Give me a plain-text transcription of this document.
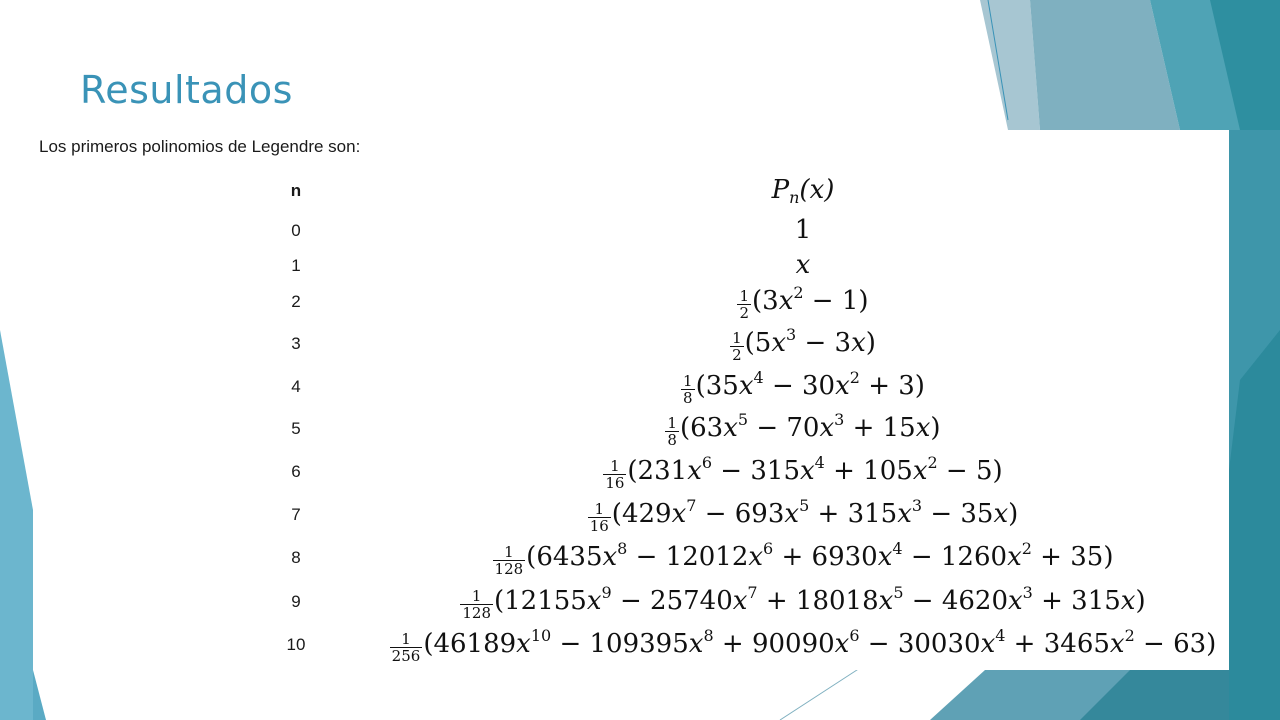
Resultados
Los primeros polinomios de Legendre son:
n	$P_n(x)$
0	1
1	x
2	$\frac{1}{2} (3x^2 - 1)$
3	$\frac{1}{2} (5x^3 - 3x)$
4	$\frac{1}{8} (35x^4 - 30x^2 + 3)$
5	$\frac{1}{8} (63x^5 - 70x^3 + 15x)$
6	$\frac{1}{16} (231x^6 - 315x^4 + 105x^2 - 5)$
7	$\frac{1}{16} (429x^7 - 693x^5 + 315x^3 - 35x)$
8	$\frac{1}{128} (6435x^8 - 12012x^6 + 6930x^4 - 1260x^2 + 35)$
9	$\frac{1}{128} (12155x^9 - 25740x^7 + 18018x^5 - 4620x^3 + 315x)$
10	$\frac{1}{256} (46189x^{10} - 109395x^8 + 90090x^6 - 30030x^4 + 3465x^2 - 63)$
